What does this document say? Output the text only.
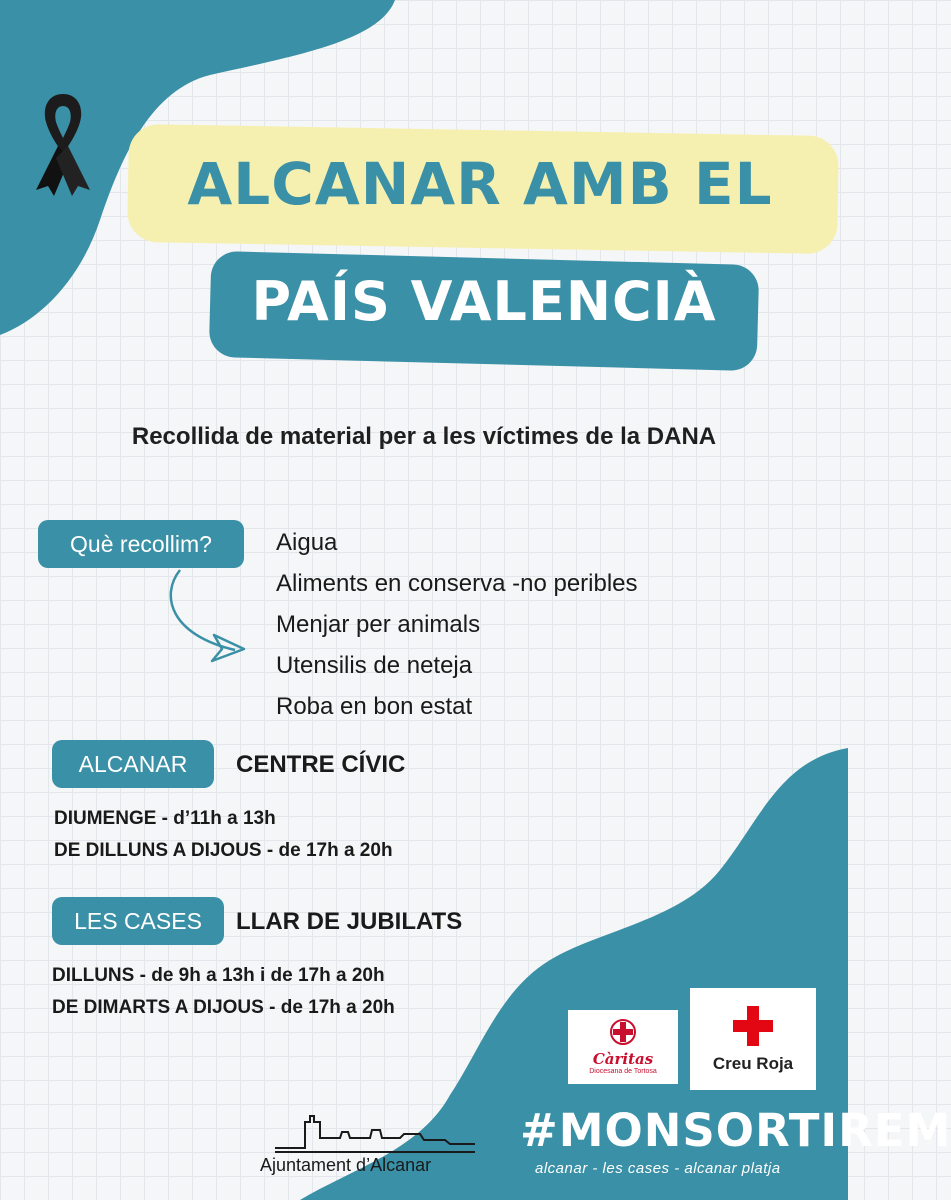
ALCANAR AMB EL
PAÍS VALENCIÀ
Recollida de material per a les víctimes de la DANA
Què recollim?	Aigua
Aliments en conserva -no peribles
Menjar per animals
Utensilis de neteja
Roba en bon estat
ALCANAR CENTRE CÍVIC
DIUMENGE - d’11h a 13h
DE DILLUNS A DIJOUS - de 17h a 20h
LES CASES LLAR DE JUBILATS
DILLUNS - de 9h a 13h i de 17h a 20h
DE DIMARTS A DIJOUS - de 17h a 20h
Càritas
Diocesana de Tortosa	Creu Roja
Ajuntament d’Alcanar
#MONSORTIREM
alcanar - les cases - alcanar platja
